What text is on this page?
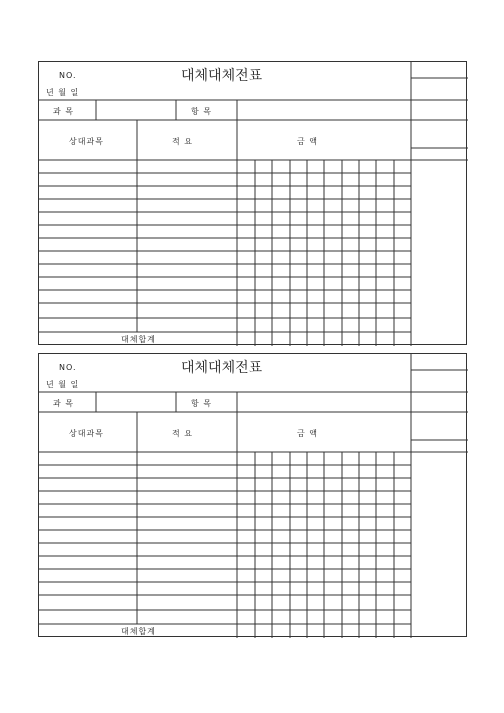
NO.	대체대체전표
년 월 일
과 목	항 목
상대과목	적 요	금 액
대체합계
NO.	대체대체전표
년 월 일
과 목	항 목
상대과목	적 요	금 액
대체합계
